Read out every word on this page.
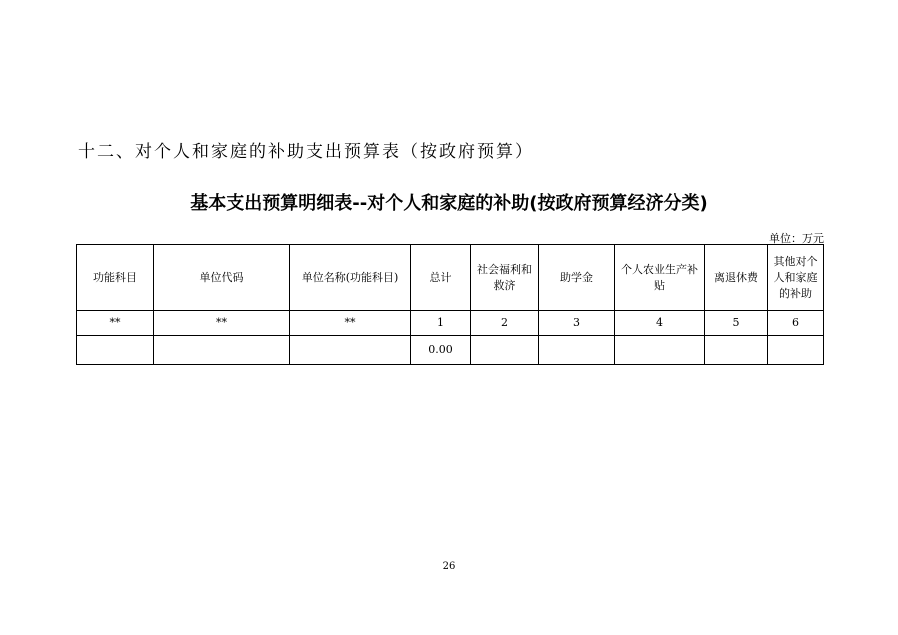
十二、对个人和家庭的补助支出预算表（按政府预算）
基本支出预算明细表--对个人和家庭的补助(按政府预算经济分类)
单位：万元
功能科目	单位代码	单位名称(功能科目)	总计	社会福利和救济	助学金	个人农业生产补贴	离退休费	其他对个人和家庭的补助
**	**	**	1	2	3	4	5	6
			0.00					
26
